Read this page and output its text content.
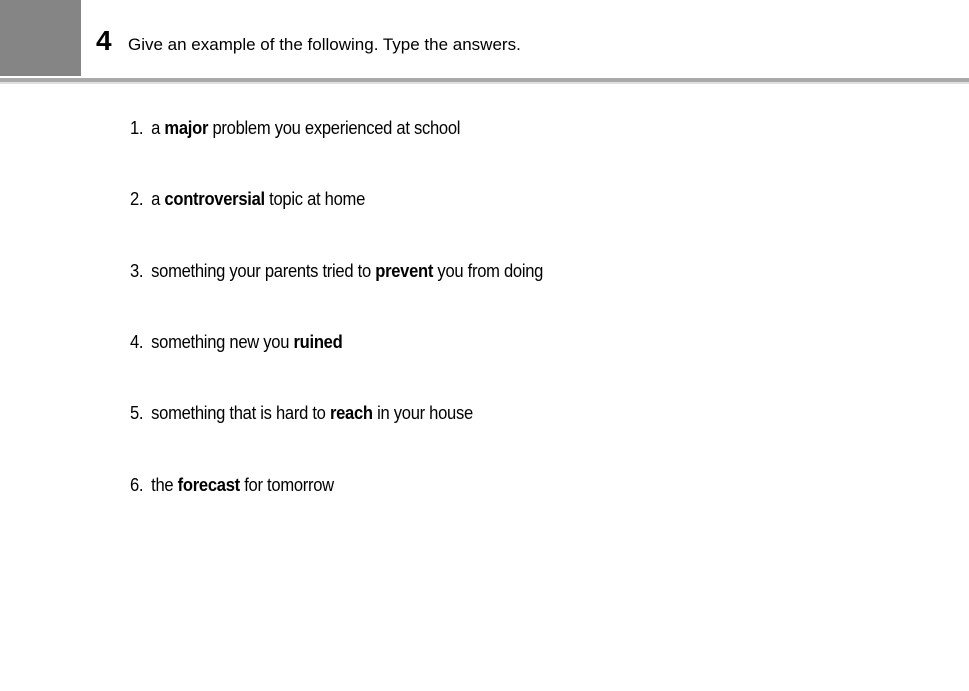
4 Give an example of the following. Type the answers.
1. a major problem you experienced at school
2. a controversial topic at home
3. something your parents tried to prevent you from doing
4. something new you ruined
5. something that is hard to reach in your house
6. the forecast for tomorrow
